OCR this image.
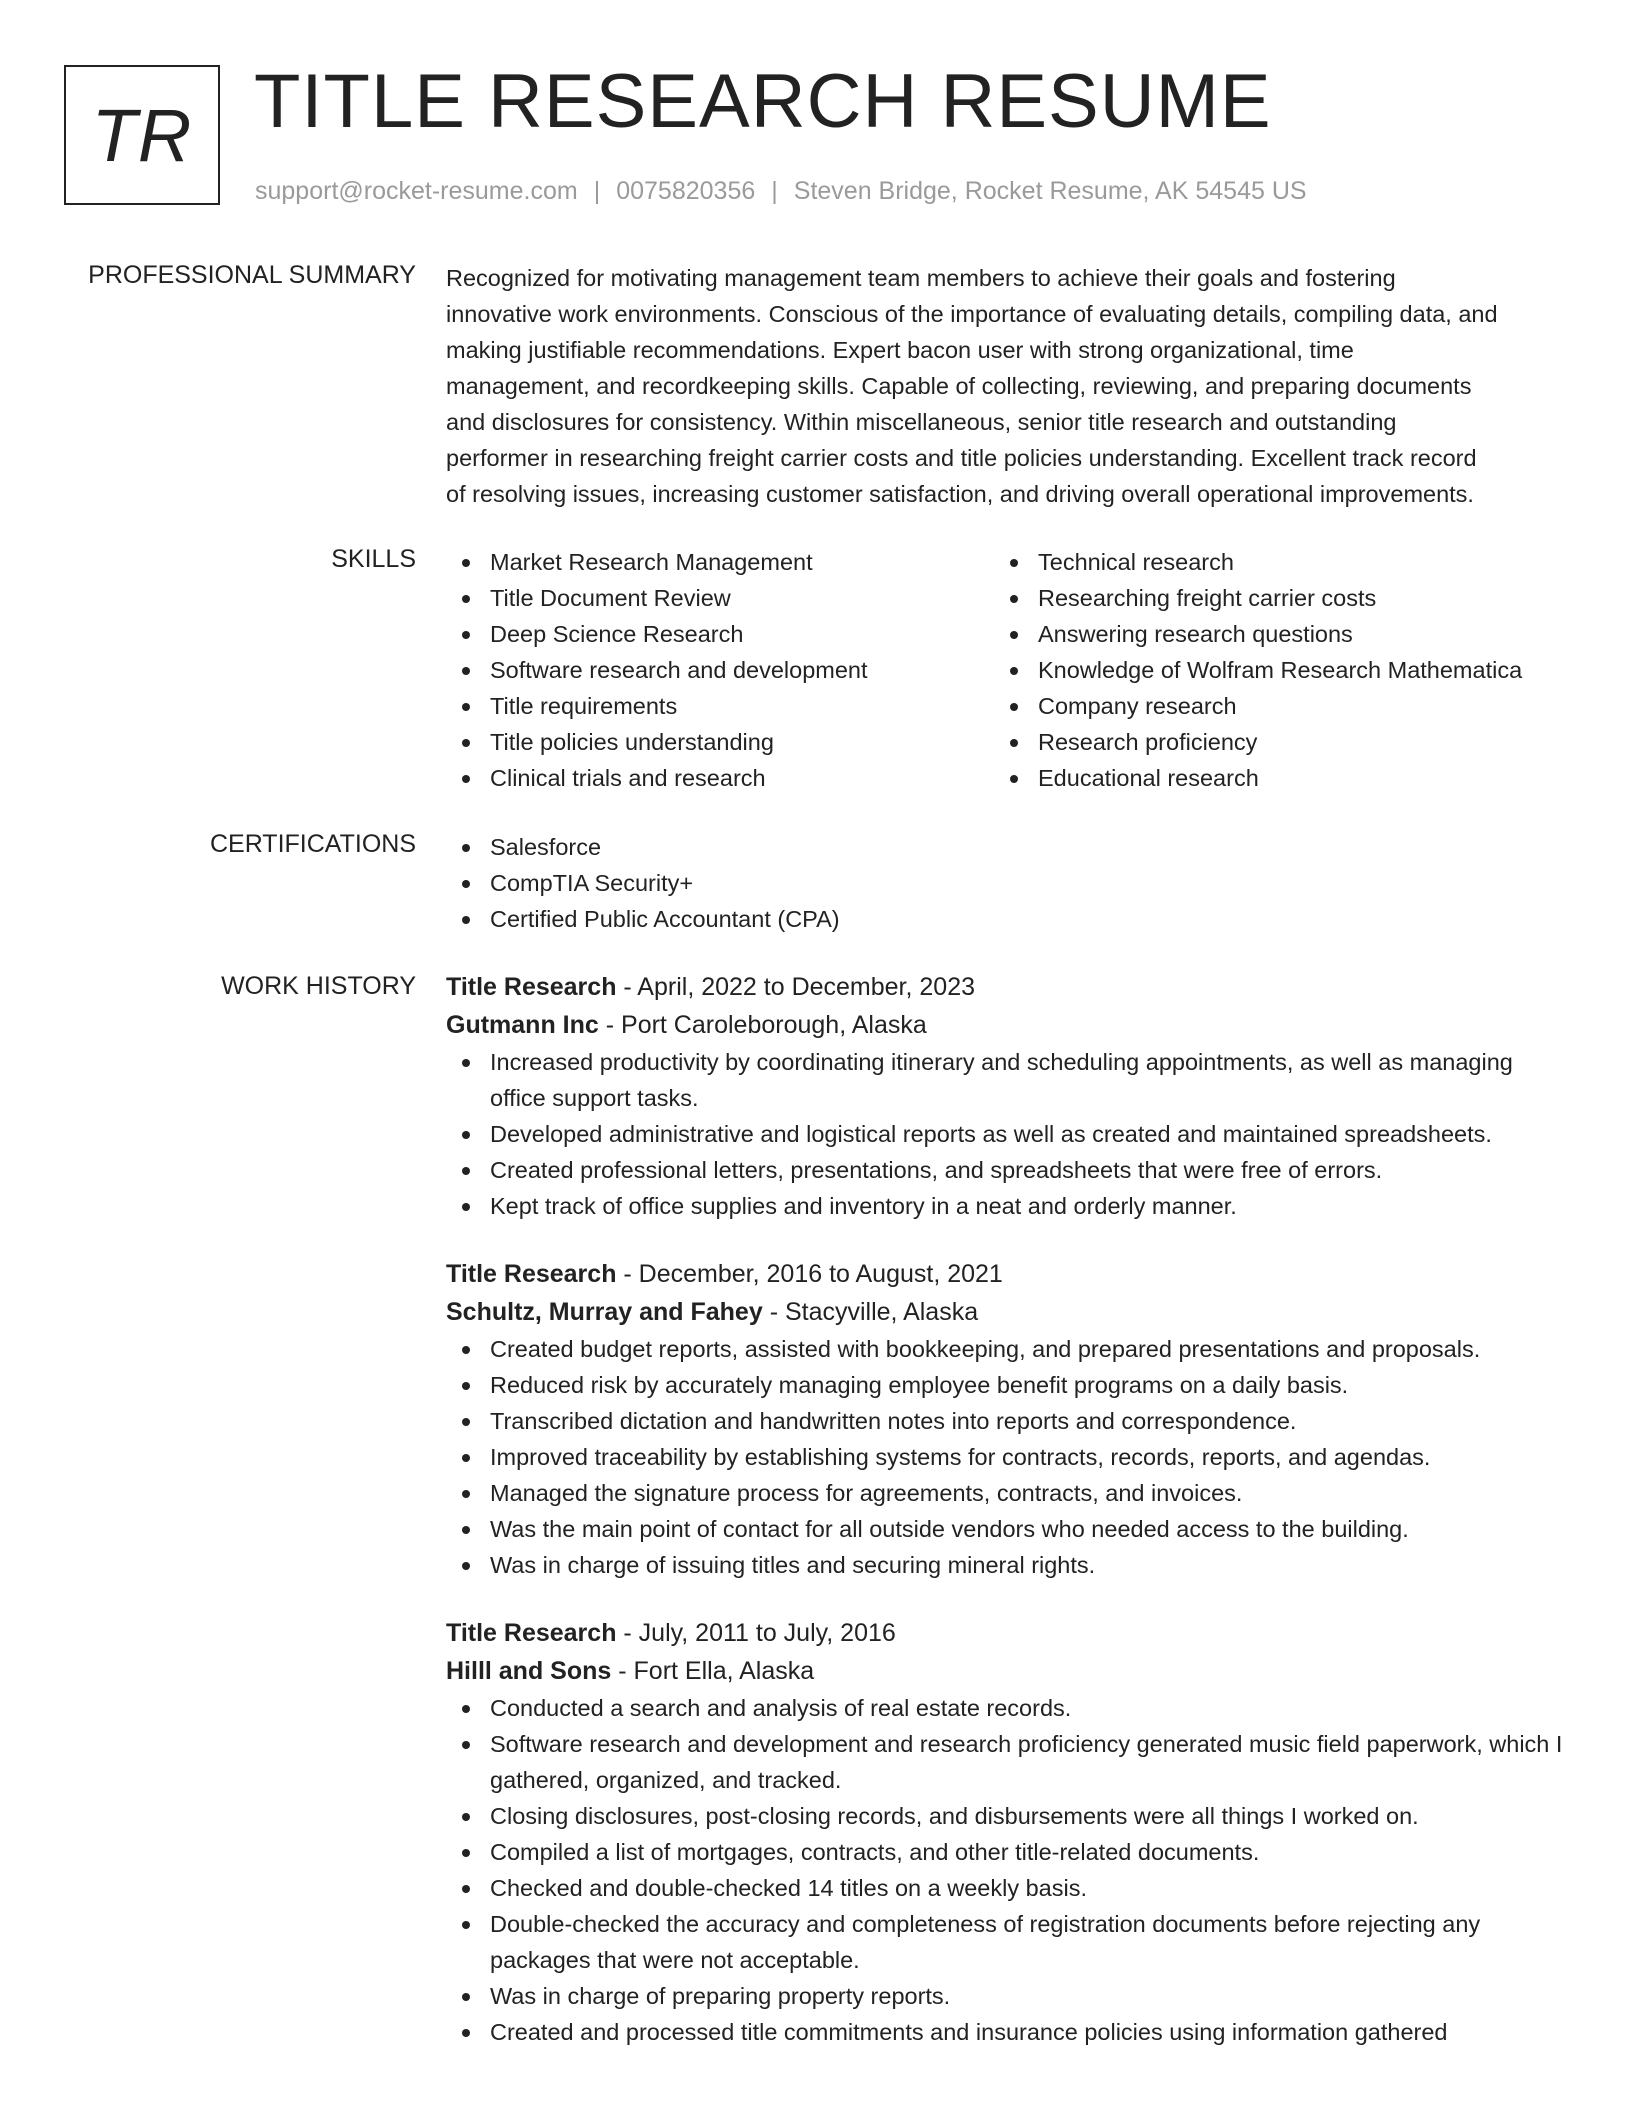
TR TITLE RESEARCH RESUME
support@rocket-resume.com | 0075820356 | Steven Bridge, Rocket Resume, AK 54545 US
PROFESSIONAL SUMMARY Recognized for motivating management team members to achieve their goals and fostering
innovative work environments. Conscious of the importance of evaluating details, compiling data, and
making justifiable recommendations. Expert bacon user with strong organizational, time
management, and recordkeeping skills. Capable of collecting, reviewing, and preparing documents
and disclosures for consistency. Within miscellaneous, senior title research and outstanding
performer in researching freight carrier costs and title policies understanding. Excellent track record
of resolving issues, increasing customer satisfaction, and driving overall operational improvements.
SKILLS	Market Research Management
Title Document Review
Deep Science Research
Software research and development
Title requirements
Title policies understanding
Clinical trials and research
Technical research
Researching freight carrier costs
Answering research questions
Knowledge of Wolfram Research Mathematica
Company research
Research proficiency
Educational research
CERTIFICATIONS	Salesforce
CompTIA Security+
Certified Public Accountant (CPA)
WORK HISTORY Title Research - April, 2022 to December, 2023
Gutmann Inc - Port Caroleborough, Alaska
Increased productivity by coordinating itinerary and scheduling appointments, as well as managing office support tasks.
Developed administrative and logistical reports as well as created and maintained spreadsheets.
Created professional letters, presentations, and spreadsheets that were free of errors.
Kept track of office supplies and inventory in a neat and orderly manner.
Title Research - December, 2016 to August, 2021
Schultz, Murray and Fahey - Stacyville, Alaska
Created budget reports, assisted with bookkeeping, and prepared presentations and proposals.
Reduced risk by accurately managing employee benefit programs on a daily basis.
Transcribed dictation and handwritten notes into reports and correspondence.
Improved traceability by establishing systems for contracts, records, reports, and agendas.
Managed the signature process for agreements, contracts, and invoices.
Was the main point of contact for all outside vendors who needed access to the building.
Was in charge of issuing titles and securing mineral rights.
Title Research - July, 2011 to July, 2016
Hilll and Sons - Fort Ella, Alaska
Conducted a search and analysis of real estate records.
Software research and development and research proficiency generated music field paperwork, which I gathered, organized, and tracked.
Closing disclosures, post-closing records, and disbursements were all things I worked on.
Compiled a list of mortgages, contracts, and other title-related documents.
Checked and double-checked 14 titles on a weekly basis.
Double-checked the accuracy and completeness of registration documents before rejecting any packages that were not acceptable.
Was in charge of preparing property reports.
Created and processed title commitments and insurance policies using information gathered
